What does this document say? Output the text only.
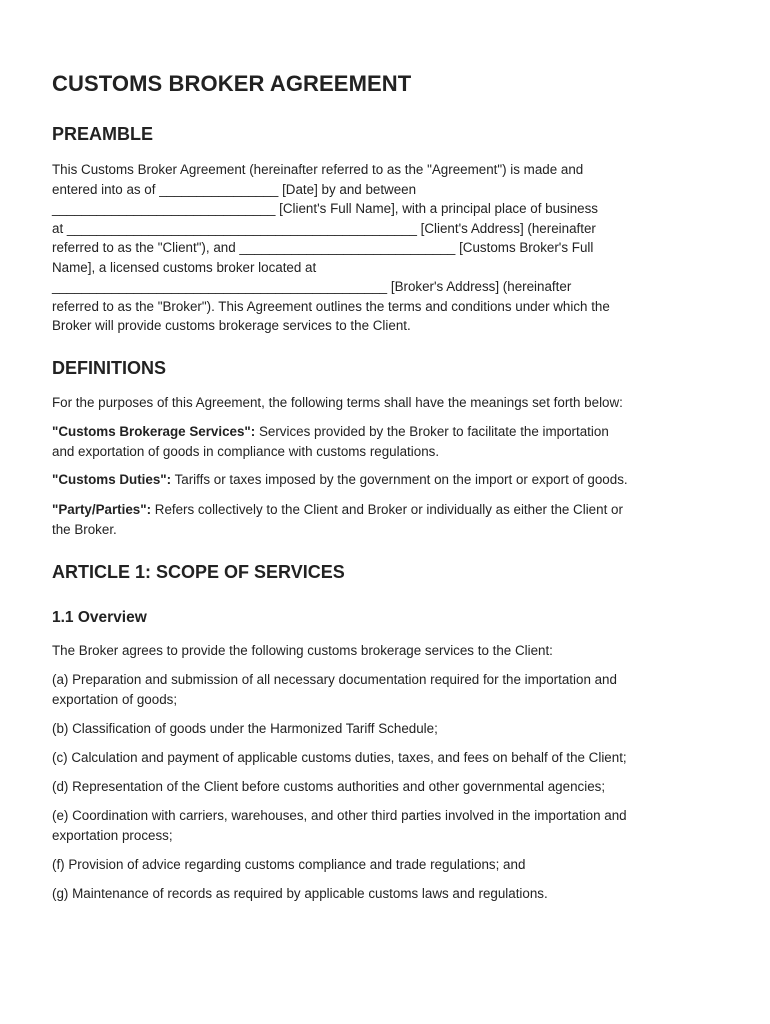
CUSTOMS BROKER AGREEMENT
PREAMBLE

This Customs Broker Agreement (hereinafter referred to as the "Agreement") is made and

entered into as of ________________ [Date] by and between

______________________________ [Client's Full Name], with a principal place of business

at _______________________________________________ [Client's Address] (hereinafter

referred to as the "Client"), and _____________________________ [Customs Broker's Full

Name], a licensed customs broker located at

_____________________________________________ [Broker's Address] (hereinafter

referred to as the "Broker"). This Agreement outlines the terms and conditions under which the

Broker will provide customs brokerage services to the Client.

DEFINITIONS

For the purposes of this Agreement, the following terms shall have the meanings set forth below:

"Customs Brokerage Services": Services provided by the Broker to facilitate the importation

and exportation of goods in compliance with customs regulations.

"Customs Duties": Tariffs or taxes imposed by the government on the import or export of goods.

"Party/Parties": Refers collectively to the Client and Broker or individually as either the Client or

the Broker.

ARTICLE 1: SCOPE OF SERVICES
1.1 Overview

The Broker agrees to provide the following customs brokerage services to the Client:

(a) Preparation and submission of all necessary documentation required for the importation and

exportation of goods;

(b) Classification of goods under the Harmonized Tariff Schedule;

(c) Calculation and payment of applicable customs duties, taxes, and fees on behalf of the Client;

(d) Representation of the Client before customs authorities and other governmental agencies;

(e) Coordination with carriers, warehouses, and other third parties involved in the importation and

exportation process;

(f) Provision of advice regarding customs compliance and trade regulations; and

(g) Maintenance of records as required by applicable customs laws and regulations.
